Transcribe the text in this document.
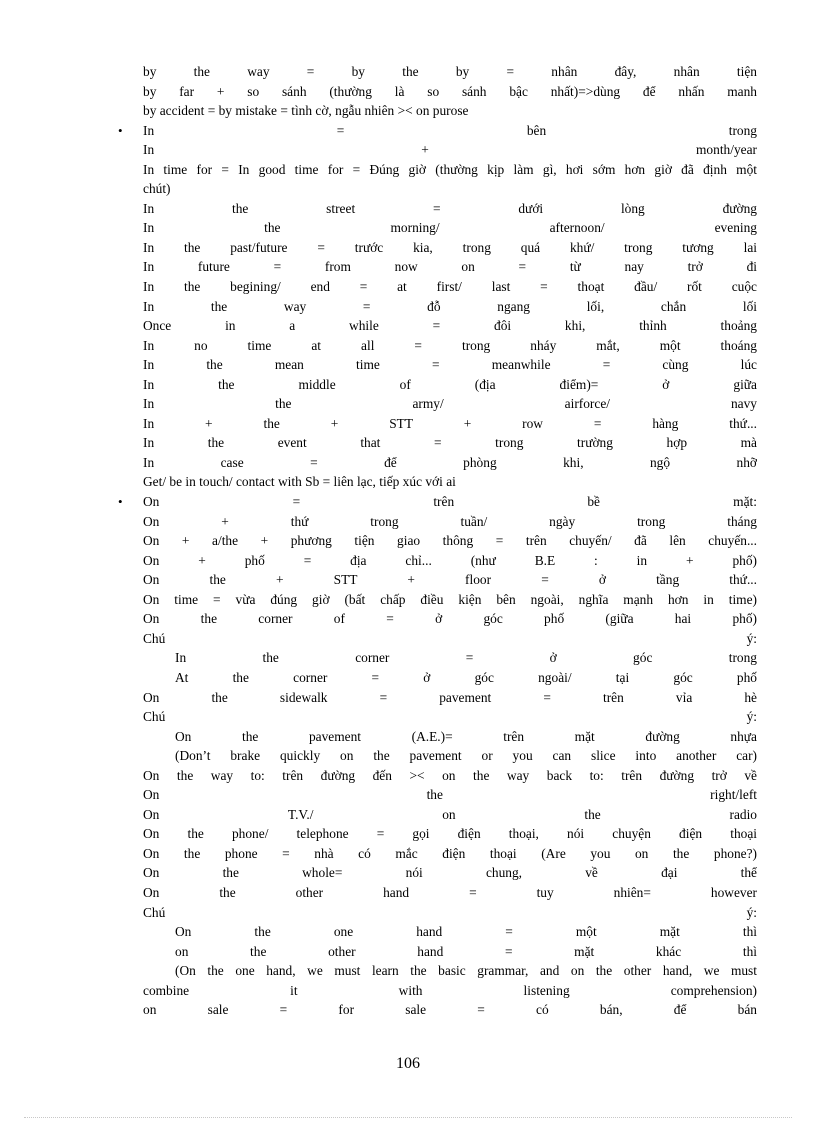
by the way = by the by = nhân đây, nhân tiện
by far + so sánh (thường là so sánh bậc nhất)=>dùng để nhấn manh
by accident = by mistake = tình cờ, ngẫu nhiên >< on purose
• In = bên trong
In + month/year
In time for = In good time for = Đúng giờ (thường kịp làm gì, hơi sớm hơn giờ đã định một
chút)
In the street = dưới lòng đường
In the morning/ afternoon/ evening
In the past/future = trước kia, trong quá khứ/ trong tương lai
In future = from now on = từ nay trở đi
In the begining/ end = at first/ last = thoạt đầu/ rốt cuộc
In the way = đỗ ngang lối, chắn lối
Once in a while = đôi khi, thỉnh thoảng
In no time at all = trong nháy mắt, một thoáng
In the mean time = meanwhile = cùng lúc
In the middle of (địa điểm)= ở giữa
In the army/ airforce/ navy
In + the + STT + row = hàng thứ...
In the event that = trong trường hợp mà
In case = để phòng khi, ngộ nhỡ
Get/ be in touch/ contact with Sb = liên lạc, tiếp xúc với ai
• On = trên bề mặt:
On + thứ trong tuần/ ngày trong tháng
On + a/the + phương tiện giao thông = trên chuyến/ đã lên chuyến...
On + phố = địa chỉ... (như B.E : in + phố)
On the + STT + floor = ở tầng thứ...
On time = vừa đúng giờ (bất chấp điều kiện bên ngoài, nghĩa mạnh hơn in time)
On the corner of = ở góc phố (giữa hai phố)
Chú ý:
In the corner = ở góc trong
At the corner = ở góc ngoài/ tại góc phố
On the sidewalk = pavement = trên vỉa hè
Chú ý:
On the pavement (A.E.)= trên mặt đường nhựa
(Don’t brake quickly on the pavement or you can slice into another car)
On the way to: trên đường đến >< on the way back to: trên đường trở về
On the right/left
On T.V./ on the radio
On the phone/ telephone = gọi điện thoại, nói chuyện điện thoại
On the phone = nhà có mắc điện thoại (Are you on the phone?)
On the whole= nói chung, về đại thể
On the other hand = tuy nhiên= however
Chú ý:
On the one hand = một mặt thì
on the other hand = mặt khác thì
(On the one hand, we must learn the basic grammar, and on the other hand, we must
combine it with listening comprehension)
on sale = for sale = có bán, để bán
106
